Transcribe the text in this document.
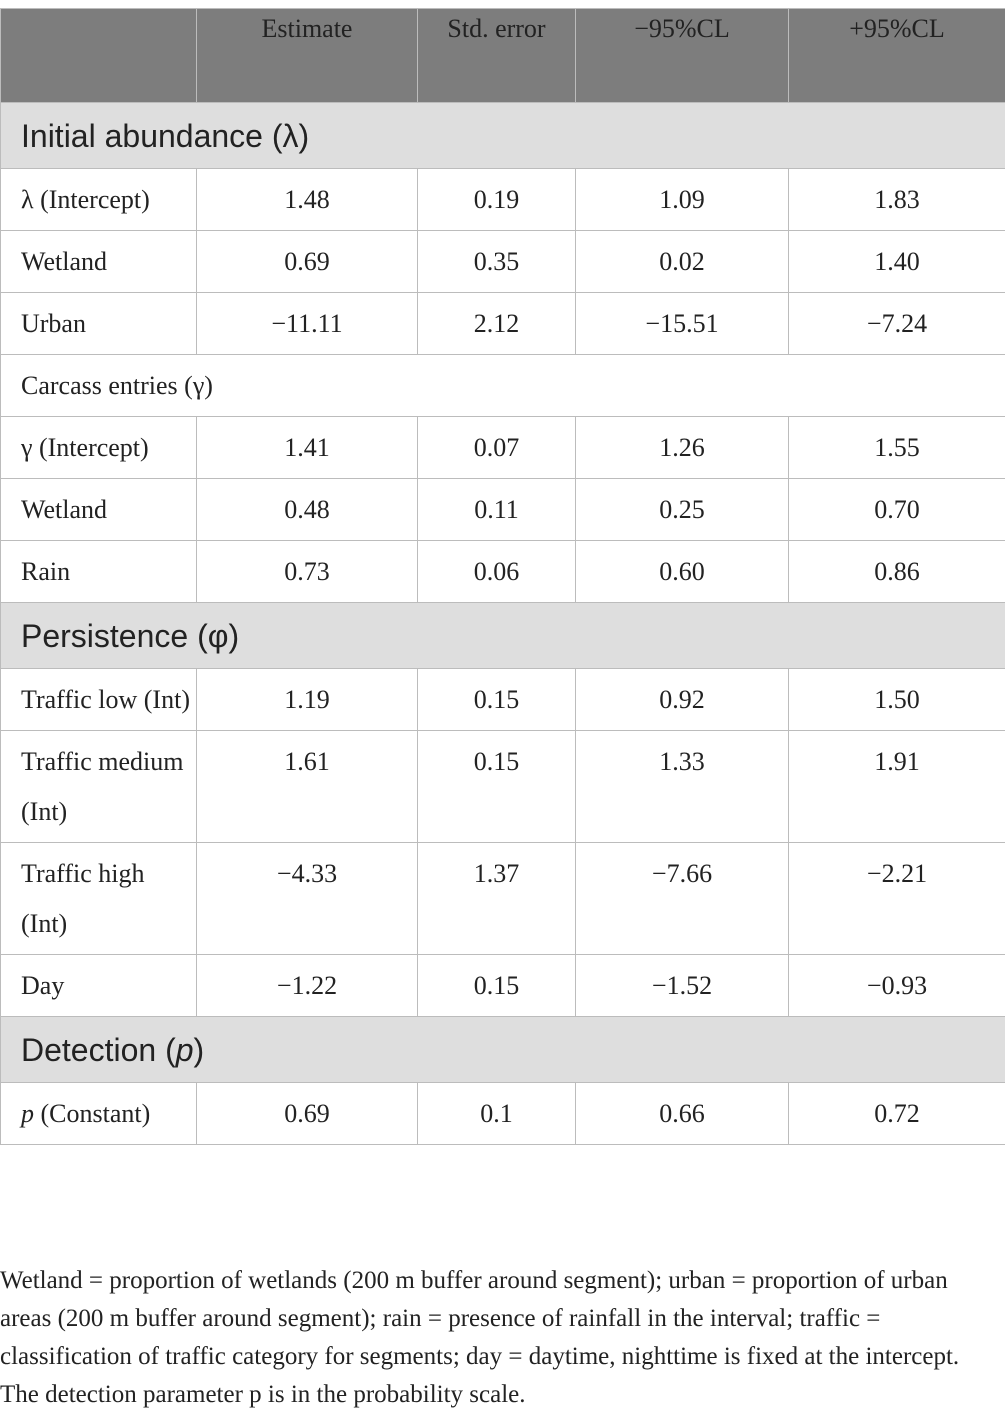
	Estimate	Std. error	−95%CL	+95%CL
Initial abundance (λ)				
λ (Intercept)	1.48	0.19	1.09	1.83
Wetland	0.69	0.35	0.02	1.40
Urban	−11.11	2.12	−15.51	−7.24
Carcass entries (γ)				
γ (Intercept)	1.41	0.07	1.26	1.55
Wetland	0.48	0.11	0.25	0.70
Rain	0.73	0.06	0.60	0.86
Persistence (φ)				
Traffic low (Int)	1.19	0.15	0.92	1.50
Traffic medium (Int)	1.61	0.15	1.33	1.91
Traffic high (Int)	−4.33	1.37	−7.66	−2.21
Day	−1.22	0.15	−1.52	−0.93
Detection (p)				
p (Constant)	0.69	0.1	0.66	0.72
Wetland = proportion of wetlands (200 m buffer around segment); urban = proportion of urban areas (200 m buffer around segment); rain = presence of rainfall in the interval; traffic = classification of traffic category for segments; day = daytime, nighttime is fixed at the intercept. The detection parameter p is in the probability scale.
